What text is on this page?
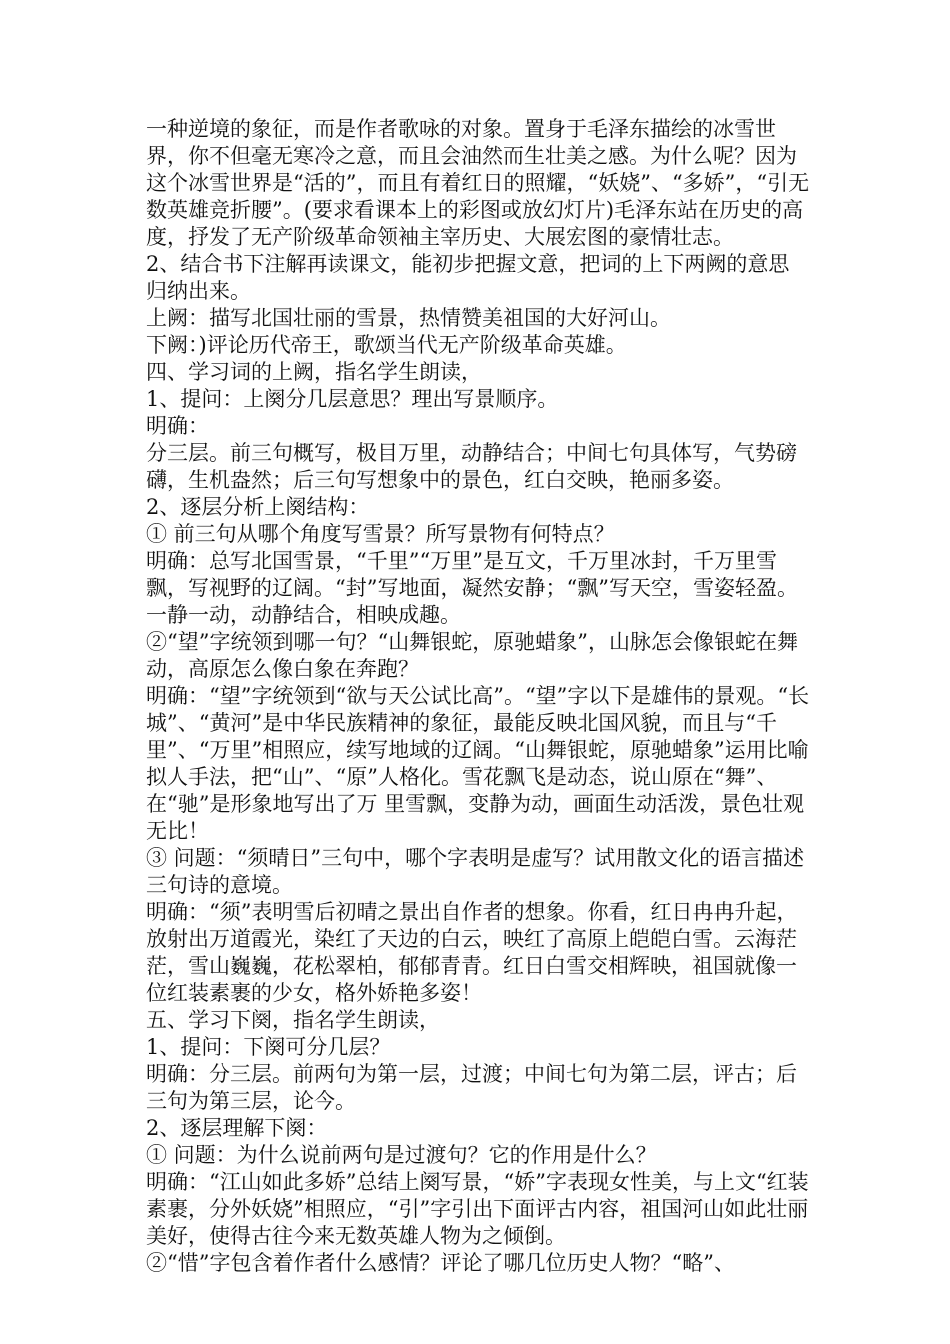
一种逆境的象征，而是作者歌咏的对象。置身于毛泽东描绘的冰雪世界，你不但毫无寒冷之意，而且会油然而生壮美之感。为什么呢？因为这个冰雪世界是“活的”，而且有着红日的照耀，“妖娆”、“多娇”，“引无数英雄竞折腰”。(要求看课本上的彩图或放幻灯片)毛泽东站在历史的高度，抒发了无产阶级革命领袖主宰历史、大展宏图的豪情壮志。

2、结合书下注解再读课文，能初步把握文意，把词的上下两阙的意思归纳出来。

上阙：描写北国壮丽的雪景，热情赞美祖国的大好河山。

下阙：)评论历代帝王，歌颂当代无产阶级革命英雄。

四、学习词的上阙，指名学生朗读，

1、提问：上阕分几层意思？理出写景顺序。

明确：

分三层。前三句概写，极目万里，动静结合；中间七句具体写，气势磅礴，生机盎然；后三句写想象中的景色，红白交映，艳丽多姿。

2、逐层分析上阕结构：

① 前三句从哪个角度写雪景？所写景物有何特点？

明确：总写北国雪景，“千里”“万里”是互文，千万里冰封，千万里雪飘，写视野的辽阔。“封”写地面，凝然安静；“飘”写天空，雪姿轻盈。一静一动，动静结合，相映成趣。

②“望”字统领到哪一句？“山舞银蛇，原驰蜡象”，山脉怎会像银蛇在舞动，高原怎么像白象在奔跑？

明确：“望”字统领到“欲与天公试比高”。“望”字以下是雄伟的景观。“长城”、“黄河”是中华民族精神的象征，最能反映北国风貌，而且与“千里”、“万里”相照应，续写地域的辽阔。“山舞银蛇，原驰蜡象”运用比喻拟人手法，把“山”、“原”人格化。雪花飘飞是动态，说山原在“舞”、在“驰”是形象地写出了万 里雪飘，变静为动，画面生动活泼，景色壮观无比！

③ 问题：“须晴日”三句中，哪个字表明是虚写？试用散文化的语言描述三句诗的意境。

明确：“须”表明雪后初晴之景出自作者的想象。你看，红日冉冉升起，放射出万道霞光，染红了天边的白云，映红了高原上皑皑白雪。云海茫茫，雪山巍巍，花松翠柏，郁郁青青。红日白雪交相辉映，祖国就像一位红装素裹的少女，格外娇艳多姿！

五、学习下阕，指名学生朗读，

1、提问：下阕可分几层？

明确：分三层。前两句为第一层，过渡；中间七句为第二层，评古；后三句为第三层，论今。

2、逐层理解下阕：

① 问题：为什么说前两句是过渡句？它的作用是什么？

明确：“江山如此多娇”总结上阕写景，“娇”字表现女性美，与上文“红装素裹，分外妖娆”相照应，“引”字引出下面评古内容，祖国河山如此壮丽美好，使得古往今来无数英雄人物为之倾倒。

②“惜”字包含着作者什么感情？评论了哪几位历史人物？“略”、
